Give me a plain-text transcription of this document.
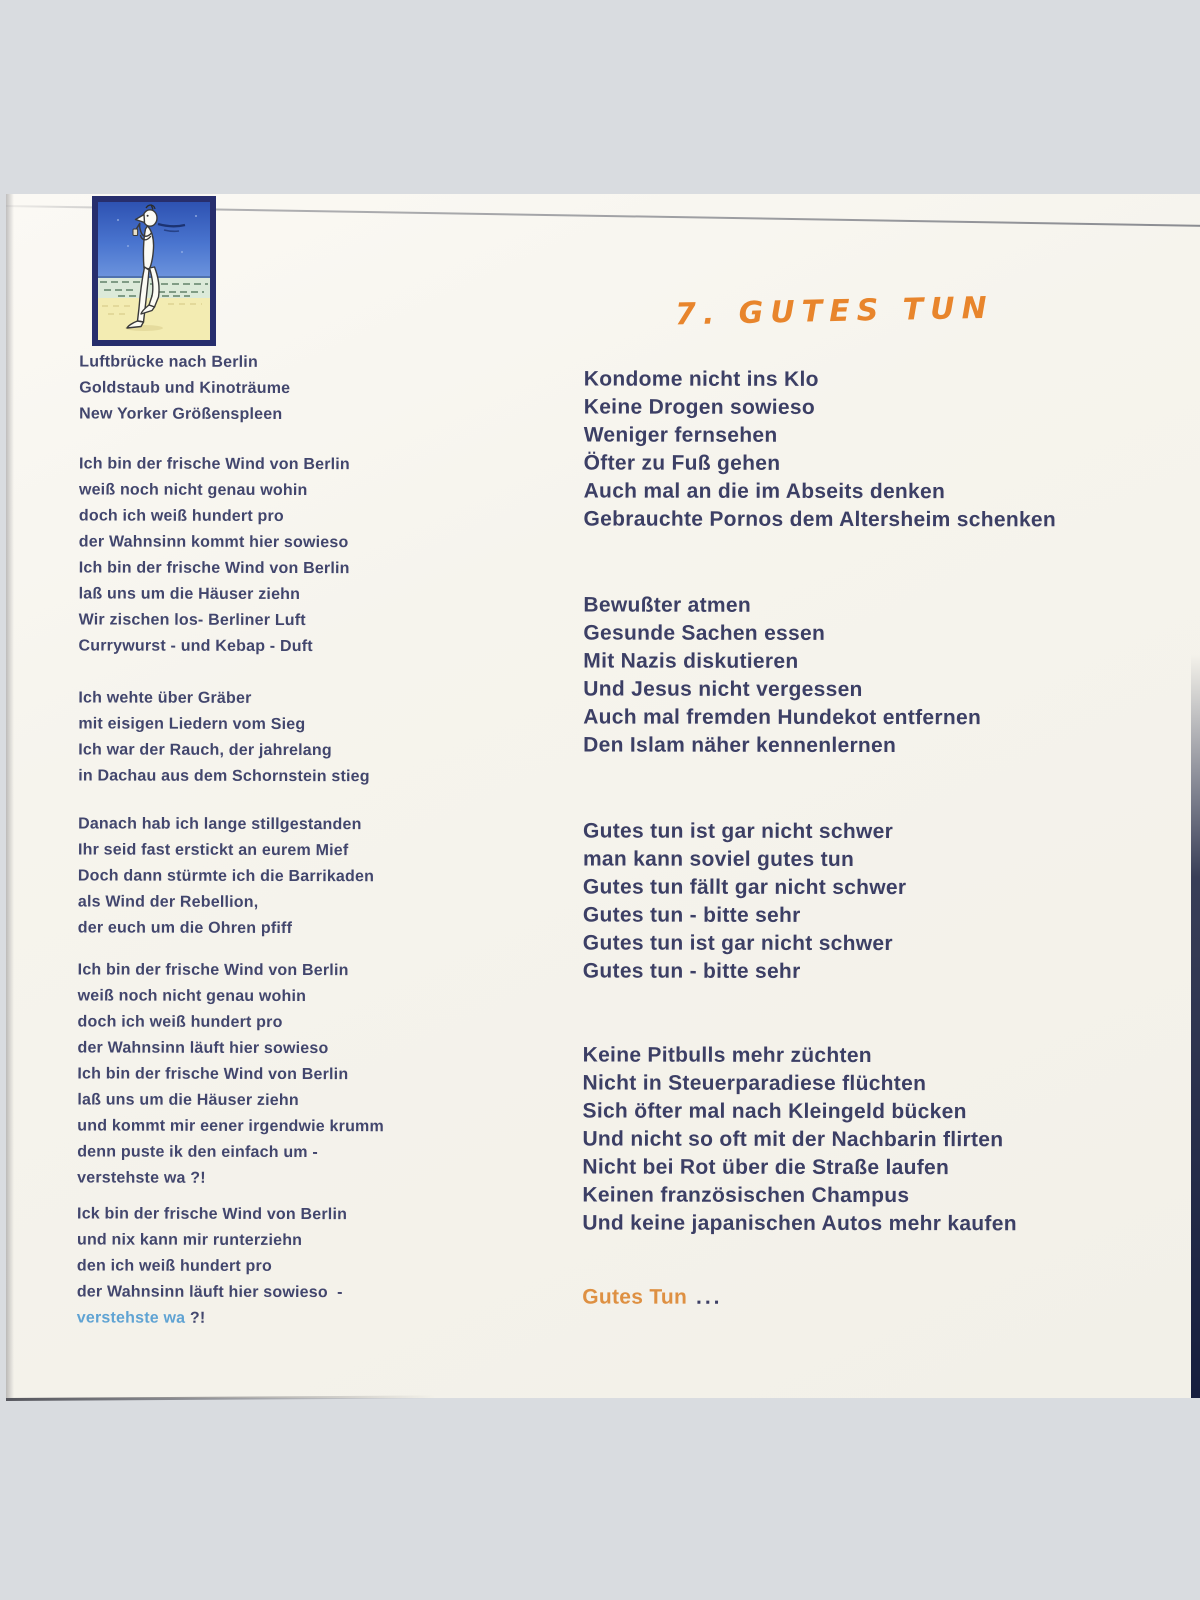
Luftbrücke nach Berlin
Goldstaub und Kinoträume
New Yorker Größenspleen
Ich bin der frische Wind von Berlin
weiß noch nicht genau wohin
doch ich weiß hundert pro
der Wahnsinn kommt hier sowieso
Ich bin der frische Wind von Berlin
laß uns um die Häuser ziehn
Wir zischen los- Berliner Luft
Currywurst - und Kebap - Duft
Ich wehte über Gräber
mit eisigen Liedern vom Sieg
Ich war der Rauch, der jahrelang
in Dachau aus dem Schornstein stieg
Danach hab ich lange stillgestanden
Ihr seid fast erstickt an eurem Mief
Doch dann stürmte ich die Barrikaden
als Wind der Rebellion,
der euch um die Ohren pfiff
Ich bin der frische Wind von Berlin
weiß noch nicht genau wohin
doch ich weiß hundert pro
der Wahnsinn läuft hier sowieso
Ich bin der frische Wind von Berlin
laß uns um die Häuser ziehn
und kommt mir eener irgendwie krumm
denn puste ik den einfach um -
verstehste wa ?!
Ick bin der frische Wind von Berlin
und nix kann mir runterziehn
den ich weiß hundert pro
der Wahnsinn läuft hier sowieso  -
verstehste wa ?!
7. GUTES TUN
Kondome nicht ins Klo
Keine Drogen sowieso
Weniger fernsehen
Öfter zu Fuß gehen
Auch mal an die im Abseits denken
Gebrauchte Pornos dem Altersheim schenken
Bewußter atmen
Gesunde Sachen essen
Mit Nazis diskutieren
Und Jesus nicht vergessen
Auch mal fremden Hundekot entfernen
Den Islam näher kennenlernen
Gutes tun ist gar nicht schwer
man kann soviel gutes tun
Gutes tun fällt gar nicht schwer
Gutes tun - bitte sehr
Gutes tun ist gar nicht schwer
Gutes tun - bitte sehr
Keine Pitbulls mehr züchten
Nicht in Steuerparadiese flüchten
Sich öfter mal nach Kleingeld bücken
Und nicht so oft mit der Nachbarin flirten
Nicht bei Rot über die Straße laufen
Keinen französischen Champus
Und keine japanischen Autos mehr kaufen
Gutes Tun ...
